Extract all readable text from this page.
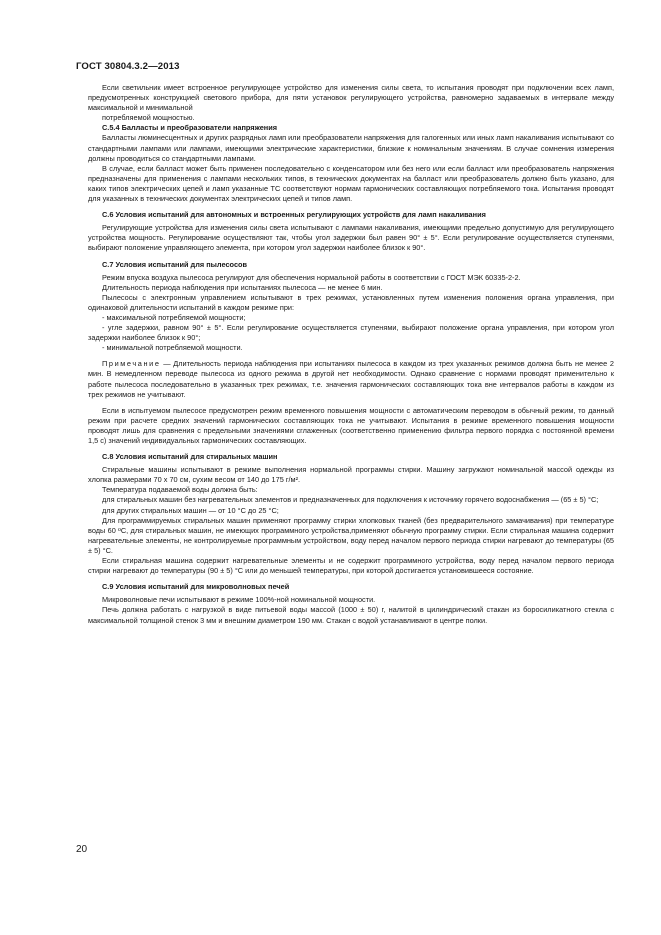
ГОСТ 30804.3.2—2013

Если светильник имеет встроенное регулирующее устройство для изменения силы света, то испытания проводят при подключении всех ламп, предусмотренных конструкцией светового прибора, для пяти установок регулирующего устройства, равномерно задаваемых в интервале между максимальной и минимальной

потребляемой мощностью.

С.5.4 Балласты и преобразователи напряжения

Балласты люминесцентных и других разрядных ламп или преобразователи напряжения для галогенных или иных ламп накаливания испытывают со стандартными лампами или лампами, имеющими электрические характеристики, близкие к номинальным значениям. В случае сомнения измерения должны проводиться со стандартными лампами.

В случае, если балласт может быть применен последовательно с конденсатором или без него или если балласт или преобразователь напряжения предназначены для применения с лампами нескольких типов, в технических документах на балласт или преобразователь должно быть указано, для каких типов электрических цепей и ламп указанные ТС соответствуют нормам гармонических составляющих потребляемого тока. Испытания проводят для указанных в технических документах электрических цепей и типов ламп.

С.6 Условия испытаний для автономных и встроенных регулирующих устройств для ламп накаливания

Регулирующие устройства для изменения силы света испытывают с лампами накаливания, имеющими предельно допустимую для регулирующего устройства мощность. Регулирование осуществляют так, чтобы угол задержки был равен 90° ± 5°. Если регулирование осуществляется ступенями, выбирают положение управляющего элемента, при котором угол задержки наиболее близок к 90°.

С.7 Условия испытаний для пылесосов

Режим впуска воздуха пылесоса регулируют для обеспечения нормальной работы в соответствии с ГОСТ МЭК 60335-2-2.

Длительность периода наблюдения при испытаниях пылесоса — не менее 6 мин.

Пылесосы с электронным управлением испытывают в трех режимах, установленных путем изменения положения органа управления, при одинаковой длительности испытаний в каждом режиме при:

- максимальной потребляемой мощности;

- угле задержки, равном 90° ± 5°. Если регулирование осуществляется ступенями, выбирают положение органа управления, при котором угол задержки наиболее близок к 90°;

- минимальной потребляемой мощности.

Примечание — Длительность периода наблюдения при испытаниях пылесоса в каждом из трех указанных режимов должна быть не менее 2 мин. В немедленном переводе пылесоса из одного режима в другой нет необходимости. Однако сравнение с нормами проводят применительно к работе пылесоса последовательно в указанных трех режимах, т.е. значения гармонических составляющих тока вне интервалов работы в каждом из трех режимов не учитывают.

Если в испытуемом пылесосе предусмотрен режим временного повышения мощности с автоматическим переводом в обычный режим, то данный режим при расчете средних значений гармонических составляющих тока не учитывают. Испытания в режиме временного повышения мощности проводят лишь для сравнения с предельными значениями сглаженных (соответственно применению фильтра первого порядка с постоянной времени 1,5 с) значений индивидуальных гармонических составляющих.

С.8 Условия испытаний для стиральных машин

Стиральные машины испытывают в режиме выполнения нормальной программы стирки. Машину загружают номинальной массой одежды из хлопка размерами 70 x 70 см, сухим весом от 140 до 175 г/м².

Температура подаваемой воды должна быть:

для стиральных машин без нагревательных элементов и предназначенных для подключения к источнику горячего водоснабжения — (65 ± 5) °С;

для других стиральных машин — от 10 °С до 25 °С;

Для программируемых стиральных машин применяют программу стирки хлопковых тканей (без предварительного замачивания) при температуре воды 60 ºС, для стиральных машин, не имеющих программного устройства,применяют обычную программу стирки. Если стиральная машина содержит нагревательные элементы, не контролируемые программным устройством, воду перед началом первого периода стирки нагревают до температуры (65 ± 5) °С.

Если стиральная машина содержит нагревательные элементы и не содержит программного устройства, воду перед началом первого периода стирки нагревают до температуры (90 ± 5) °С или до меньшей температуры, при которой достигается установившееся состояние.

С.9 Условия испытаний для микроволновых печей

Микроволновые печи испытывают в режиме 100%-ной номинальной мощности.

Печь должна работать с нагрузкой в виде питьевой воды массой (1000 ± 50) г, налитой в цилиндрический стакан из боросиликатного стекла с максимальной толщиной стенок 3 мм и внешним диаметром 190 мм. Стакан с водой устанавливают в центре полки.

20
